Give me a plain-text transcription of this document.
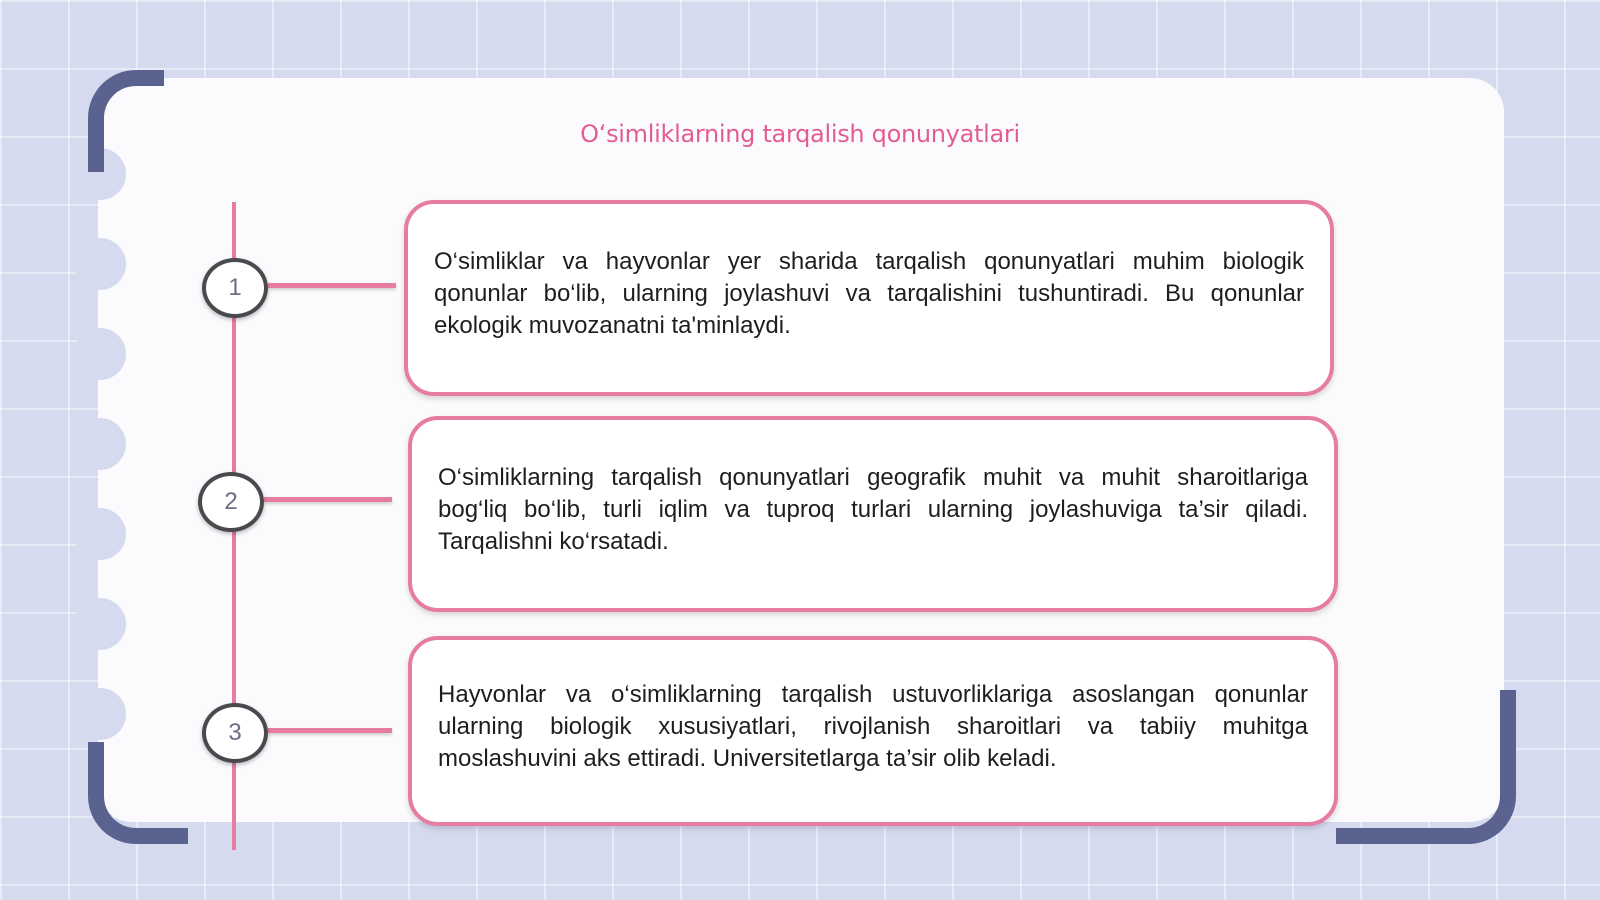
Oʻsimliklarning tarqalish qonunyatlari
1
2
3

O‘simliklar va hayvonlar yer sharida tarqalish qonunyatlari muhim biologik qonunlar bo‘lib, ularning joylashuvi va tarqalishini tushuntiradi. Bu qonunlar ekologik muvozanatni ta'minlaydi.

O‘simliklarning tarqalish qonunyatlari geografik muhit va muhit sharoitlariga bog‘liq bo‘lib, turli iqlim va tuproq turlari ularning joylashuviga ta’sir qiladi. Tarqalishni ko‘rsatadi.

Hayvonlar va o‘simliklarning tarqalish ustuvorliklariga asoslangan qonunlar ularning biologik xususiyatlari, rivojlanish sharoitlari va tabiiy muhitga moslashuvini aks ettiradi. Universitetlarga ta’sir olib keladi.
